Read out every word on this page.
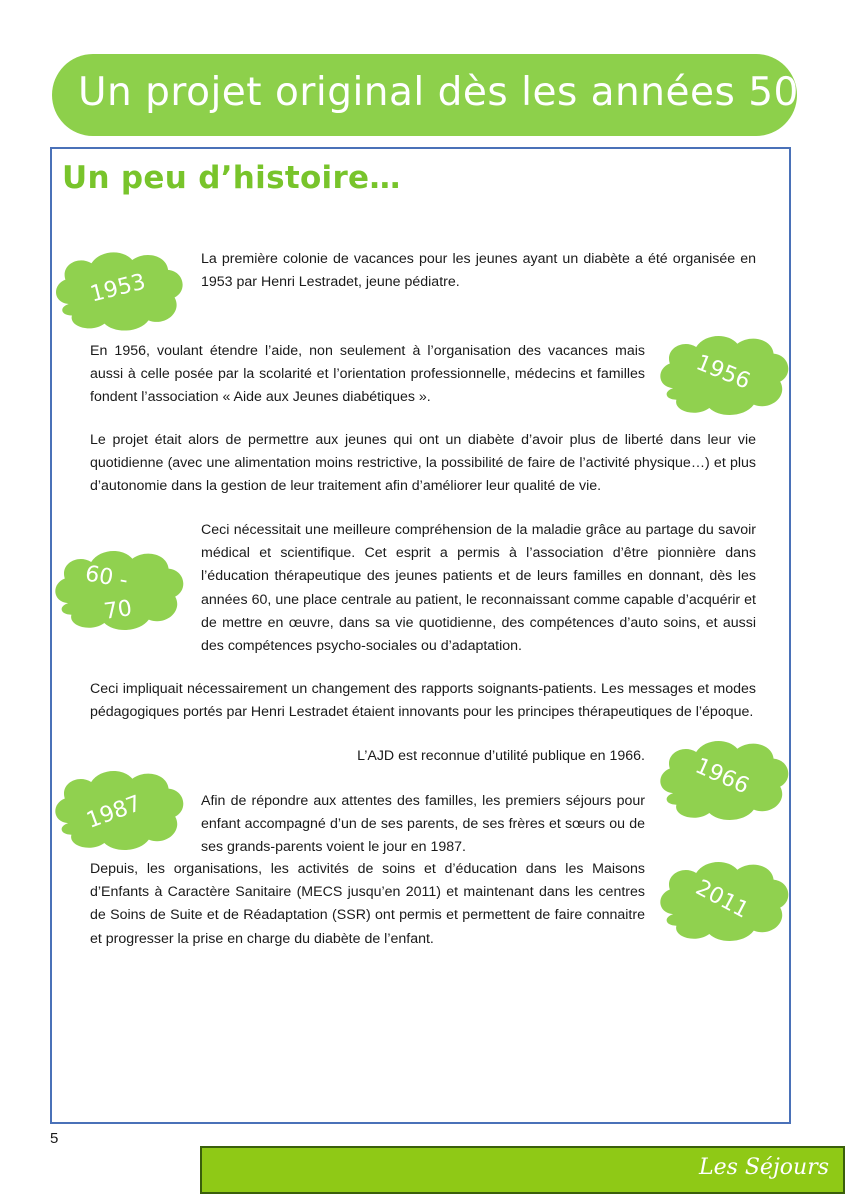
Un projet original dès les années 50
Un peu d’histoire…
1953
1956
60 -
70
1987
1966
2011

La première colonie de vacances pour les jeunes ayant un diabète a été organisée en 1953 par Henri Lestradet, jeune pédiatre.

En 1956, voulant étendre l’aide, non seulement à l’organisation des vacances mais aussi à celle posée par la scolarité et l’orientation professionnelle, médecins et familles fondent l’association « Aide aux Jeunes diabétiques ».

Le projet était alors de permettre aux jeunes qui ont un diabète d’avoir plus de liberté dans leur vie quotidienne (avec une alimentation moins restrictive, la possibilité de faire de l’activité physique…) et plus d’autonomie dans la gestion de leur traitement afin d’améliorer leur qualité de vie.

Ceci nécessitait une meilleure compréhension de la maladie grâce au partage du savoir médical et scientifique. Cet esprit a permis à l’association d’être pionnière dans l’éducation thérapeutique des jeunes patients et de leurs familles en donnant, dès les années 60, une place centrale au patient, le reconnaissant comme capable d’acquérir et de mettre en œuvre, dans sa vie quotidienne, des compétences d’auto soins, et aussi des compétences psycho-sociales ou d’adaptation.

Ceci impliquait nécessairement un changement des rapports soignants-patients. Les messages et modes pédagogiques portés par Henri Lestradet étaient innovants pour les principes thérapeutiques de l’époque.

L’AJD est reconnue d’utilité publique en 1966.

Afin de répondre aux attentes des familles, les premiers séjours pour enfant accompagné d’un de ses parents, de ses frères et sœurs ou de ses grands-parents voient le jour en 1987.

Depuis, les organisations, les activités de soins et d’éducation dans les Maisons d’Enfants à Caractère Sanitaire (MECS jusqu’en 2011) et maintenant dans les centres de Soins de Suite et de Réadaptation (SSR) ont permis et permettent de faire connaitre et progresser la prise en charge du diabète de l’enfant.

5
Les Séjours
